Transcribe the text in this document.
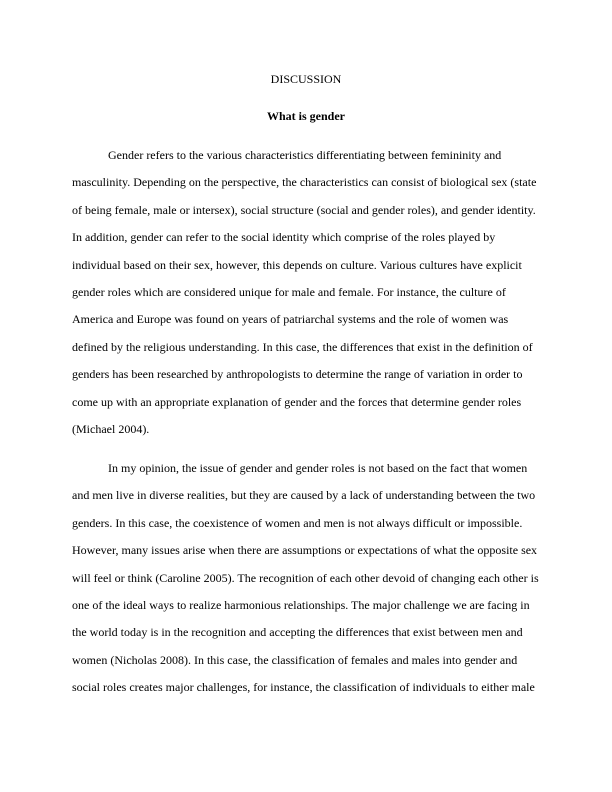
DISCUSSION
What is gender
Gender refers to the various characteristics differentiating between femininity and
masculinity. Depending on the perspective, the characteristics can consist of biological sex (state
of being female, male or intersex), social structure (social and gender roles), and gender identity.
In addition, gender can refer to the social identity which comprise of the roles played by
individual based on their sex, however, this depends on culture. Various cultures have explicit
gender roles which are considered unique for male and female. For instance, the culture of
America and Europe was found on years of patriarchal systems and the role of women was
defined by the religious understanding. In this case, the differences that exist in the definition of
genders has been researched by anthropologists to determine the range of variation in order to
come up with an appropriate explanation of gender and the forces that determine gender roles
(Michael 2004).
In my opinion, the issue of gender and gender roles is not based on the fact that women
and men live in diverse realities, but they are caused by a lack of understanding between the two
genders. In this case, the coexistence of women and men is not always difficult or impossible.
However, many issues arise when there are assumptions or expectations of what the opposite sex
will feel or think (Caroline 2005). The recognition of each other devoid of changing each other is
one of the ideal ways to realize harmonious relationships. The major challenge we are facing in
the world today is in the recognition and accepting the differences that exist between men and
women (Nicholas 2008). In this case, the classification of females and males into gender and
social roles creates major challenges, for instance, the classification of individuals to either male
